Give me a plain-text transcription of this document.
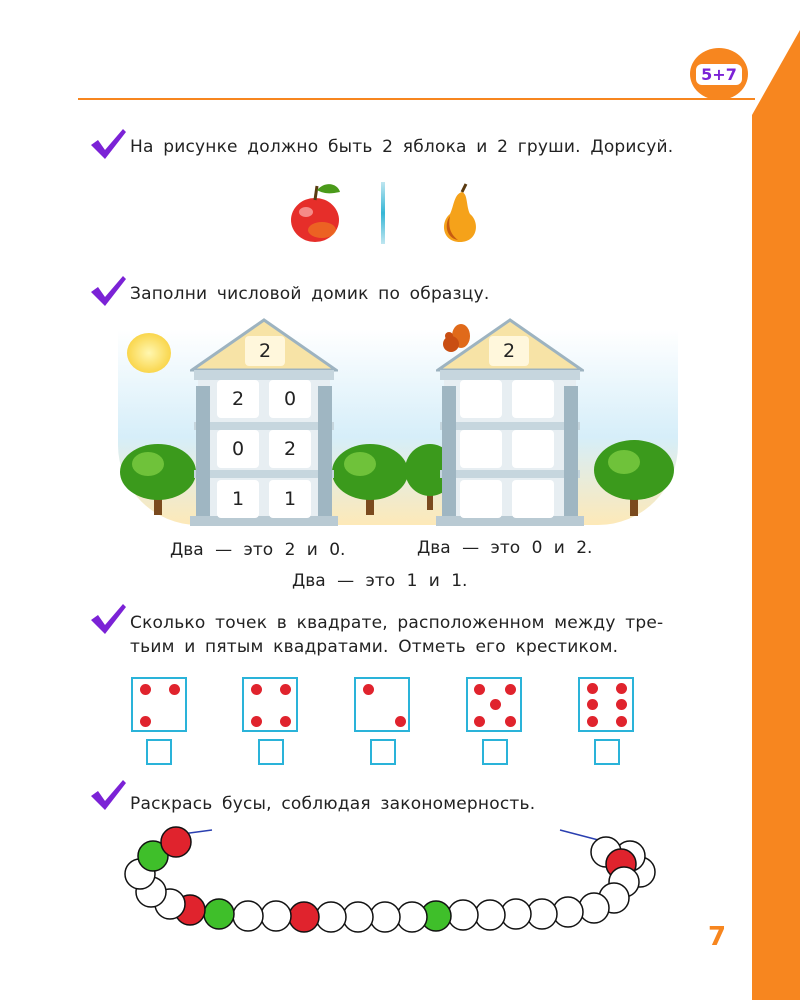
5+7
7
На рисунке должно быть 2 яблока и 2 груши. Дорисуй.
Заполни числовой домик по образцу.
2
2	0
0	2
1	1
2
Два — это 2 и 0.	Два — это 0 и 2.
Два — это 1 и 1.
Сколько точек в квадрате, расположенном между тре-
тьим и пятым квадратами. Отметь его крестиком.
Раскрась бусы, соблюдая закономерность.
